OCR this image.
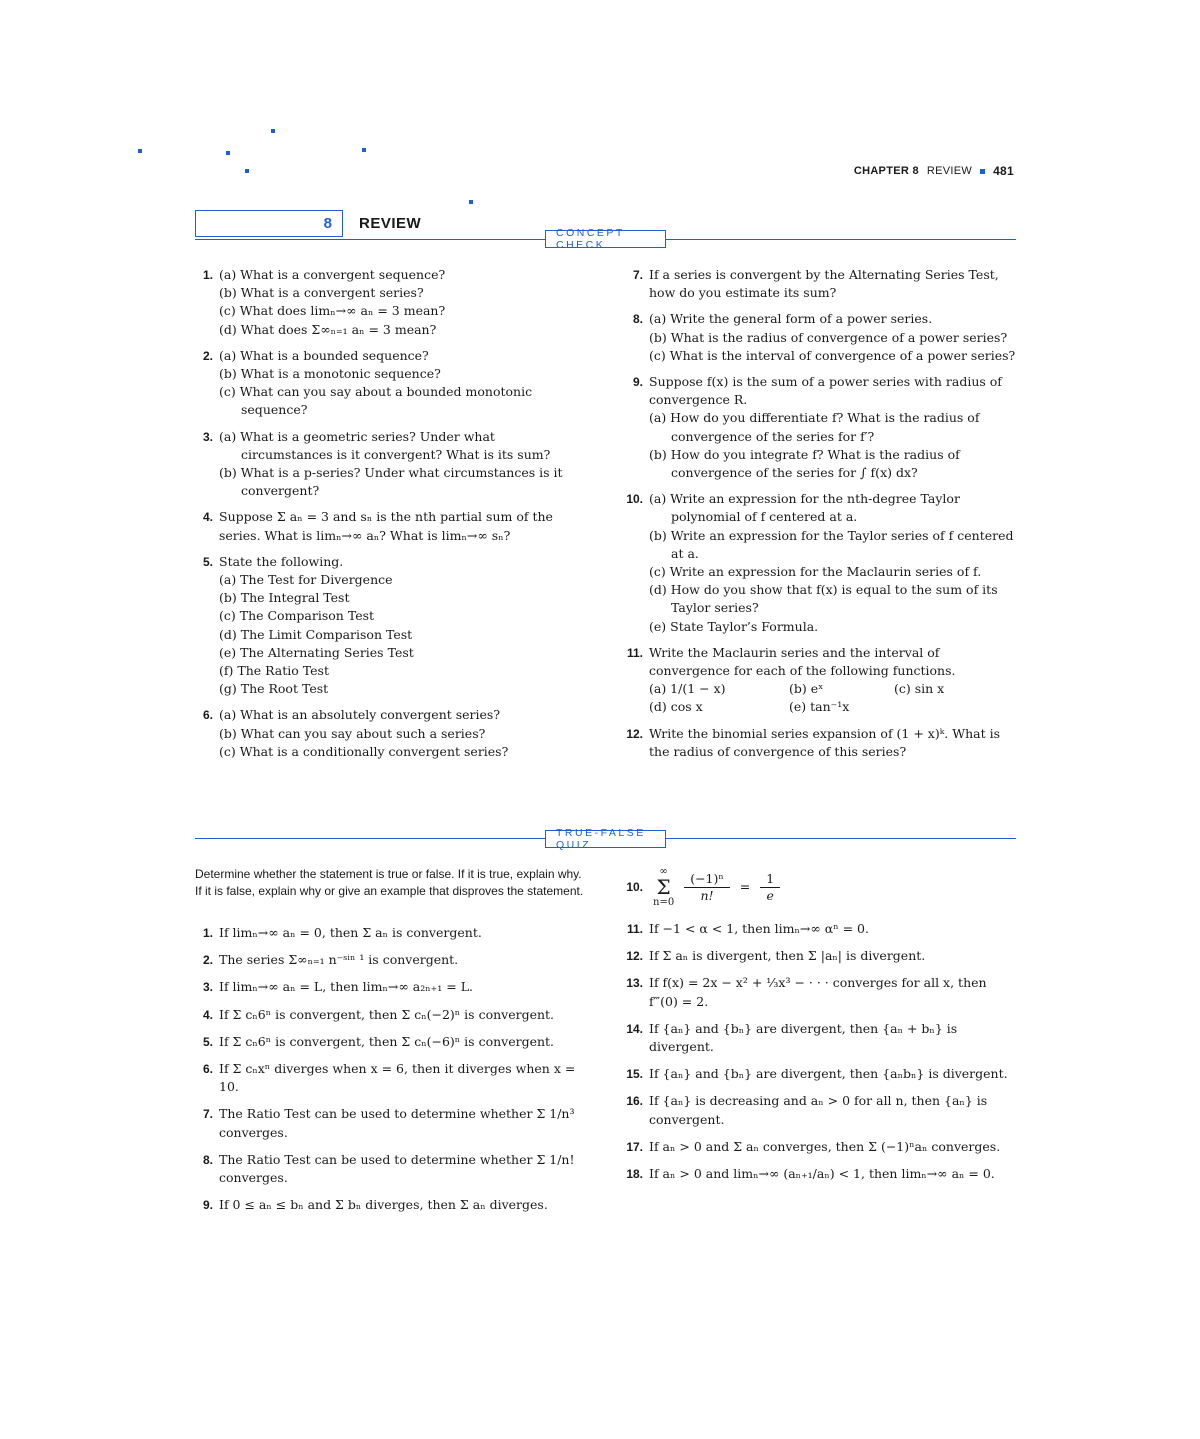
CHAPTER 8 REVIEW 481
8 REVIEW
CONCEPT CHECK
1. (a) What is a convergent sequence?
(b) What is a convergent series?
(c) What does limₙ→∞ aₙ = 3 mean?
(d) What does Σ∞ₙ₌₁ aₙ = 3 mean?
2. (a) What is a bounded sequence?
(b) What is a monotonic sequence?
(c) What can you say about a bounded monotonic sequence?
3. (a) What is a geometric series? Under what circumstances is it convergent? What is its sum?
(b) What is a p-series? Under what circumstances is it convergent?
4. Suppose Σ aₙ = 3 and sₙ is the nth partial sum of the series. What is limₙ→∞ aₙ? What is limₙ→∞ sₙ?
5. State the following.
(a) The Test for Divergence
(b) The Integral Test
(c) The Comparison Test
(d) The Limit Comparison Test
(e) The Alternating Series Test
(f) The Ratio Test
(g) The Root Test
6. (a) What is an absolutely convergent series?
(b) What can you say about such a series?
(c) What is a conditionally convergent series?
7. If a series is convergent by the Alternating Series Test, how do you estimate its sum?
8. (a) Write the general form of a power series.
(b) What is the radius of convergence of a power series?
(c) What is the interval of convergence of a power series?
9. Suppose f(x) is the sum of a power series with radius of convergence R.
(a) How do you differentiate f? What is the radius of convergence of the series for f′?
(b) How do you integrate f? What is the radius of convergence of the series for ∫ f(x) dx?
10. (a) Write an expression for the nth-degree Taylor polynomial of f centered at a.
(b) Write an expression for the Taylor series of f centered at a.
(c) Write an expression for the Maclaurin series of f.
(d) How do you show that f(x) is equal to the sum of its Taylor series?
(e) State Taylor’s Formula.
11. Write the Maclaurin series and the interval of convergence for each of the following functions.
(a) 1/(1 − x)	(b) eˣ	(c) sin x
(d) cos x	(e) tan⁻¹x
12. Write the binomial series expansion of (1 + x)ᵏ. What is the radius of convergence of this series?
TRUE-FALSE QUIZ
Determine whether the statement is true or false. If it is true, explain why. If it is false, explain why or give an example that disproves the statement.
1. If limₙ→∞ aₙ = 0, then Σ aₙ is convergent.
2. The series Σ∞ₙ₌₁ n⁻ˢⁱⁿ ¹ is convergent.
3. If limₙ→∞ aₙ = L, then limₙ→∞ a₂ₙ₊₁ = L.
4. If Σ cₙ6ⁿ is convergent, then Σ cₙ(−2)ⁿ is convergent.
5. If Σ cₙ6ⁿ is convergent, then Σ cₙ(−6)ⁿ is convergent.
6. If Σ cₙxⁿ diverges when x = 6, then it diverges when x = 10.
7. The Ratio Test can be used to determine whether Σ 1/n³ converges.
8. The Ratio Test can be used to determine whether Σ 1/n! converges.
9. If 0 ≤ aₙ ≤ bₙ and Σ bₙ diverges, then Σ aₙ diverges.
10.
∞
Σ
$n=0 \frac{\text{(−1)ⁿ}}{n!} = \frac{1}{e}$
11. If −1 < α < 1, then limₙ→∞ αⁿ = 0.
12. If Σ aₙ is divergent, then Σ |aₙ| is divergent.
13. If f(x) = 2x − x² + ⅓x³ − · · · converges for all x, then f‴(0) = 2.
14. If {aₙ} and {bₙ} are divergent, then {aₙ + bₙ} is divergent.
15. If {aₙ} and {bₙ} are divergent, then {aₙbₙ} is divergent.
16. If {aₙ} is decreasing and aₙ > 0 for all n, then {aₙ} is convergent.
17. If aₙ > 0 and Σ aₙ converges, then Σ (−1)ⁿaₙ converges.
18. If aₙ > 0 and limₙ→∞ (aₙ₊₁/aₙ) < 1, then limₙ→∞ aₙ = 0.
